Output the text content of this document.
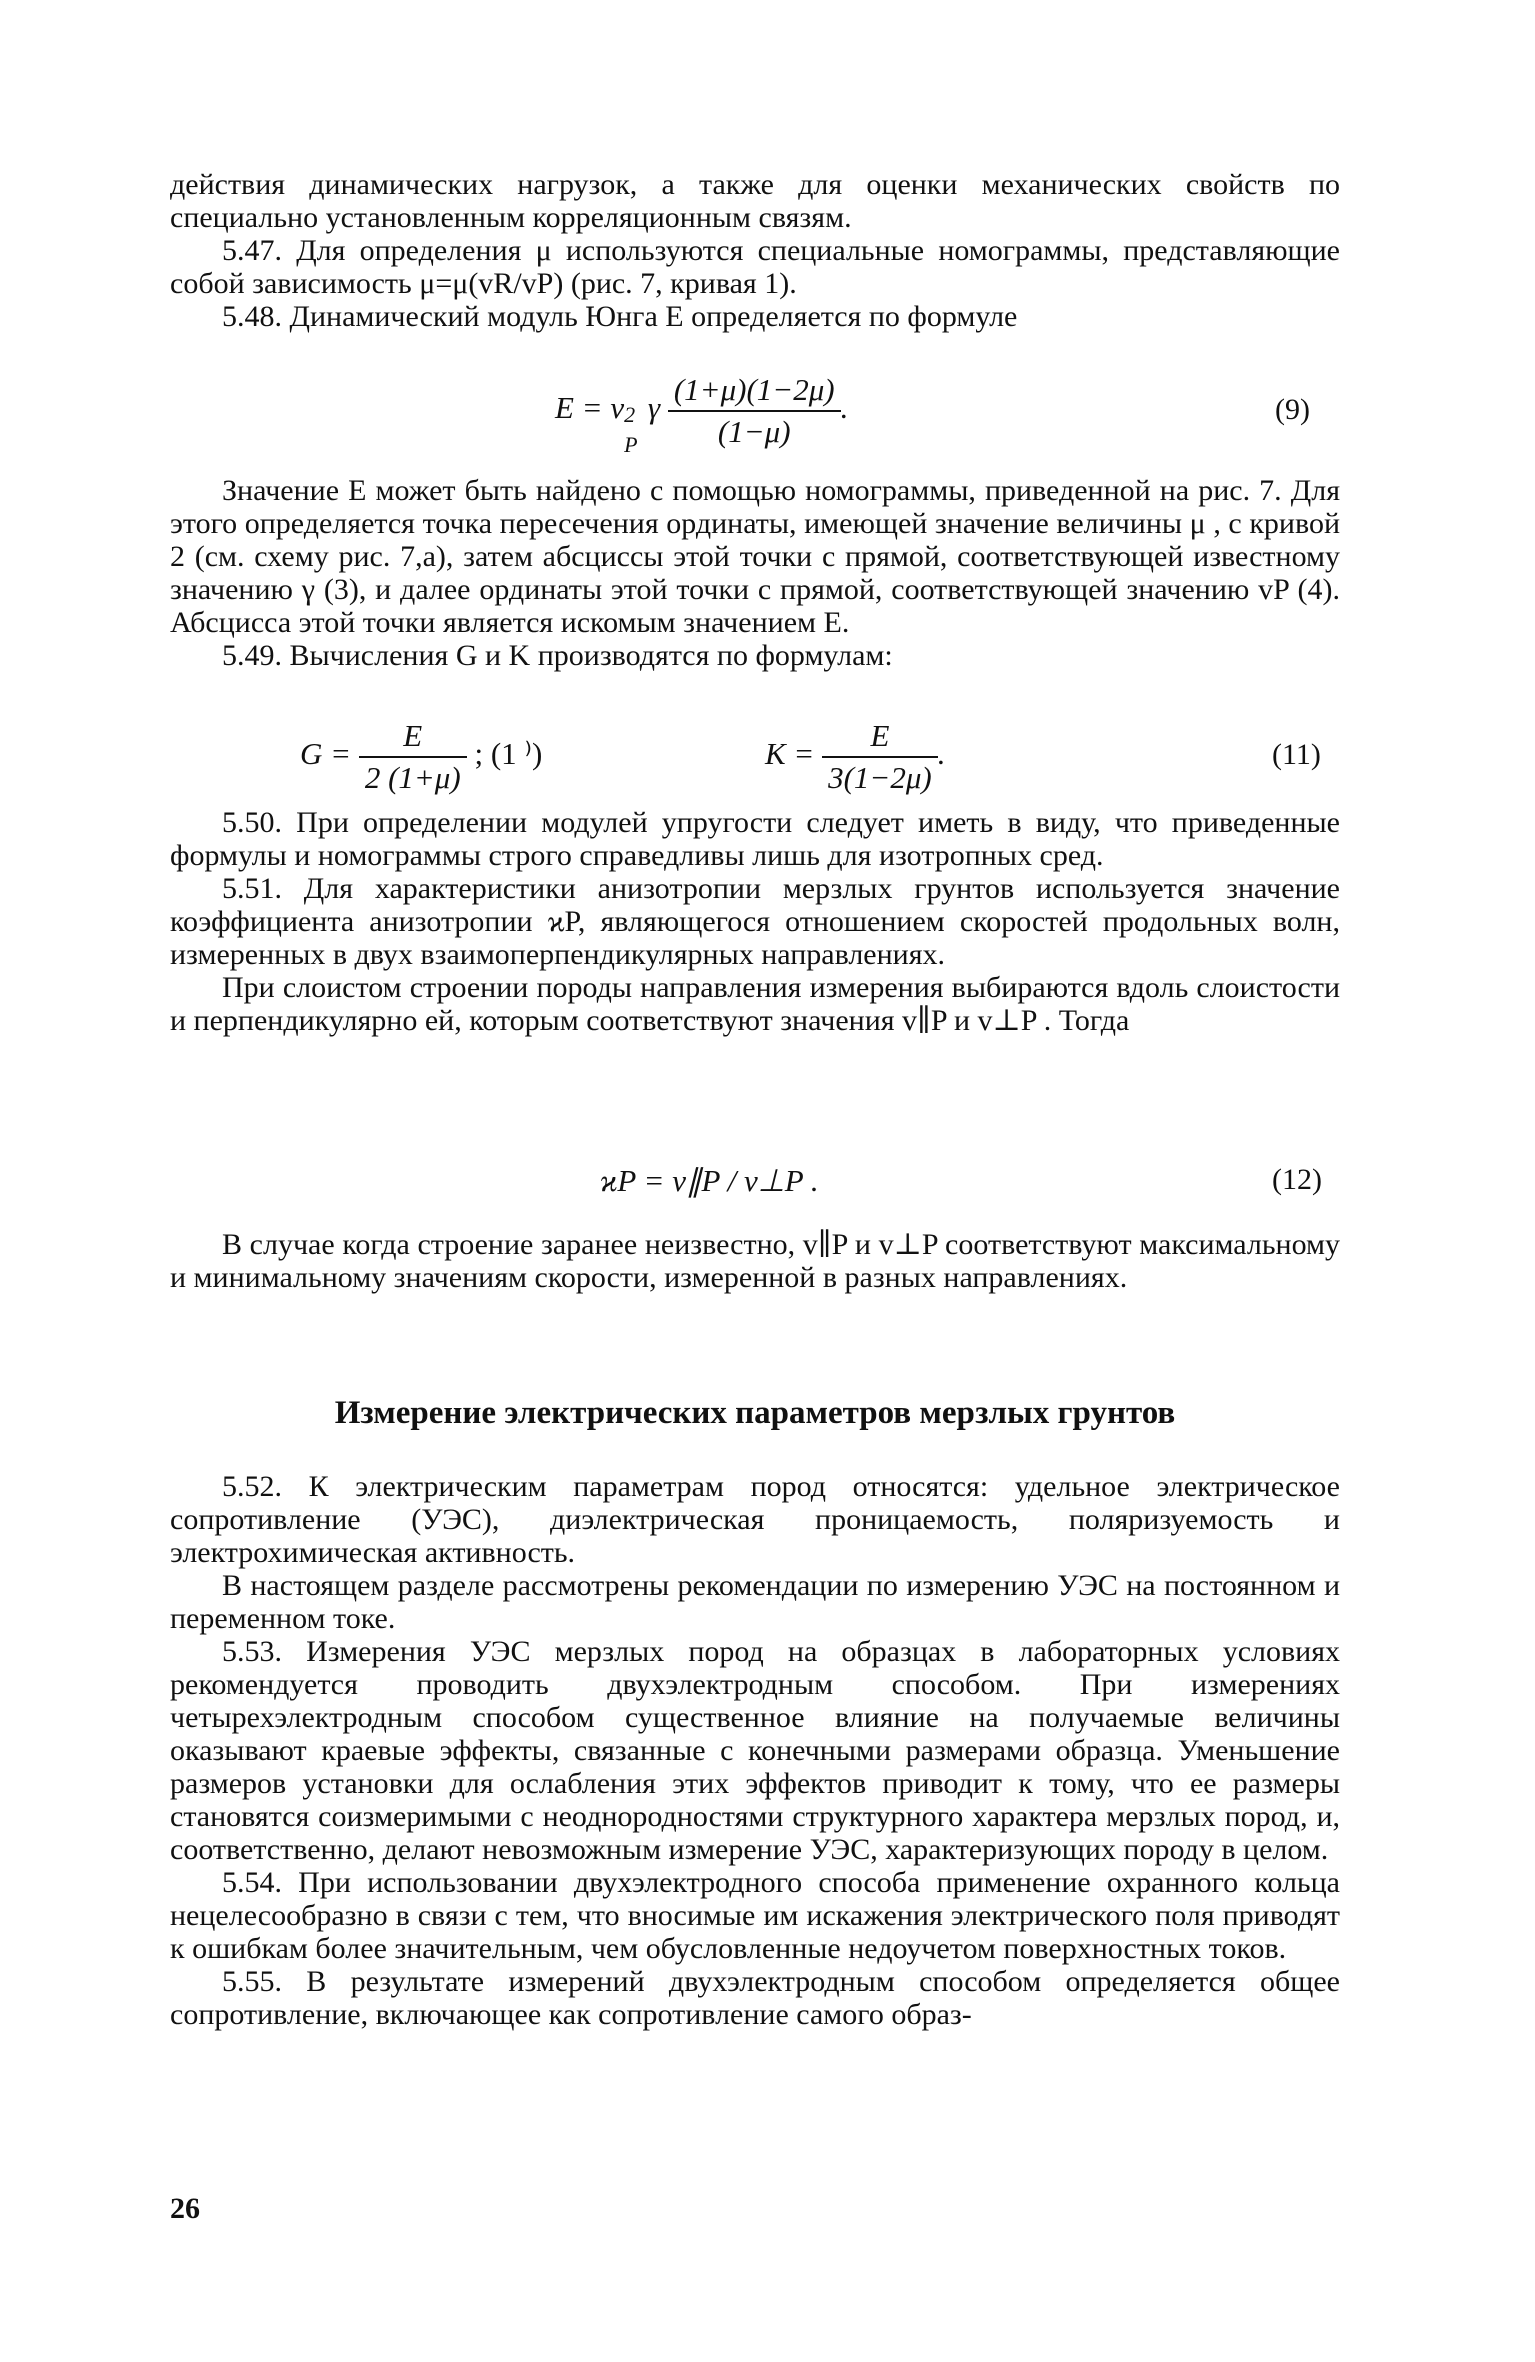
действия динамических нагрузок, а также для оценки механических свойств по специально установленным корреляционным связям.

5.47. Для определения μ используются специальные номограммы, представляющие собой зависимость μ=μ(vR/vP) (рис. 7, кривая 1).

5.48. Динамический модуль Юнга E определяется по формуле

E = v 2
P
γ $\frac{(1+\mu)(1-2\mu)}{(1-\mu)}$ .	(9)

Значение E может быть найдено с помощью номограммы, приведенной на рис. 7. Для этого определяется точка пересечения ординаты, имеющей значение величины μ , с кривой 2 (см. схему рис. 7,a), затем абсциссы этой точки с прямой, соответствующей известному значению γ (3), и далее ординаты этой точки с прямой, соответствующей значению vP (4). Абсцисса этой точки является искомым значением E.

5.49. Вычисления G и K производятся по формулам:

$G = \frac{E}{2 (1+\mu)}$ ; (1 ⁾)	$K = \frac{E}{3(1-2\mu)}$ .	(11)

5.50. При определении модулей упругости следует иметь в виду, что приведенные формулы и номограммы строго справедливы лишь для изотропных сред.

5.51. Для характеристики анизотропии мерзлых грунтов используется значение коэффициента анизотропии ϰP, являющегося отношением скоростей продольных волн, измеренных в двух взаимоперпендикулярных направлениях.

При слоистом строении породы направления измерения выбираются вдоль слоистости и перпендикулярно ей, которым соответствуют значения v∥P и v⊥P . Тогда

ϰP = v∥P / v⊥P .	(12)

В случае когда строение заранее неизвестно, v∥P и v⊥P соответствуют максимальному и минимальному значениям скорости, измеренной в разных направлениях.

Измерение электрических параметров мерзлых грунтов

5.52. К электрическим параметрам пород относятся: удельное электрическое сопротивление (УЭС), диэлектрическая проницаемость, поляризуемость и электрохимическая активность.

В настоящем разделе рассмотрены рекомендации по измерению УЭС на постоянном и переменном токе.

5.53. Измерения УЭС мерзлых пород на образцах в лабораторных условиях рекомендуется проводить двухэлектродным способом. При измерениях четырехэлектродным способом существенное влияние на получаемые величины оказывают краевые эффекты, связанные с конечными размерами образца. Уменьшение размеров установки для ослабления этих эффектов приводит к тому, что ее размеры становятся соизмеримыми с неоднородностями структурного характера мерзлых пород, и, соответственно, делают невозможным измерение УЭС, характеризующих породу в целом.

5.54. При использовании двухэлектродного способа применение охранного кольца нецелесообразно в связи с тем, что вносимые им искажения электрического поля приводят к ошибкам более значительным, чем обусловленные недоучетом поверхностных токов.

5.55. В результате измерений двухэлектродным способом определяется общее сопротивление, включающее как сопротивление самого образ-

26
